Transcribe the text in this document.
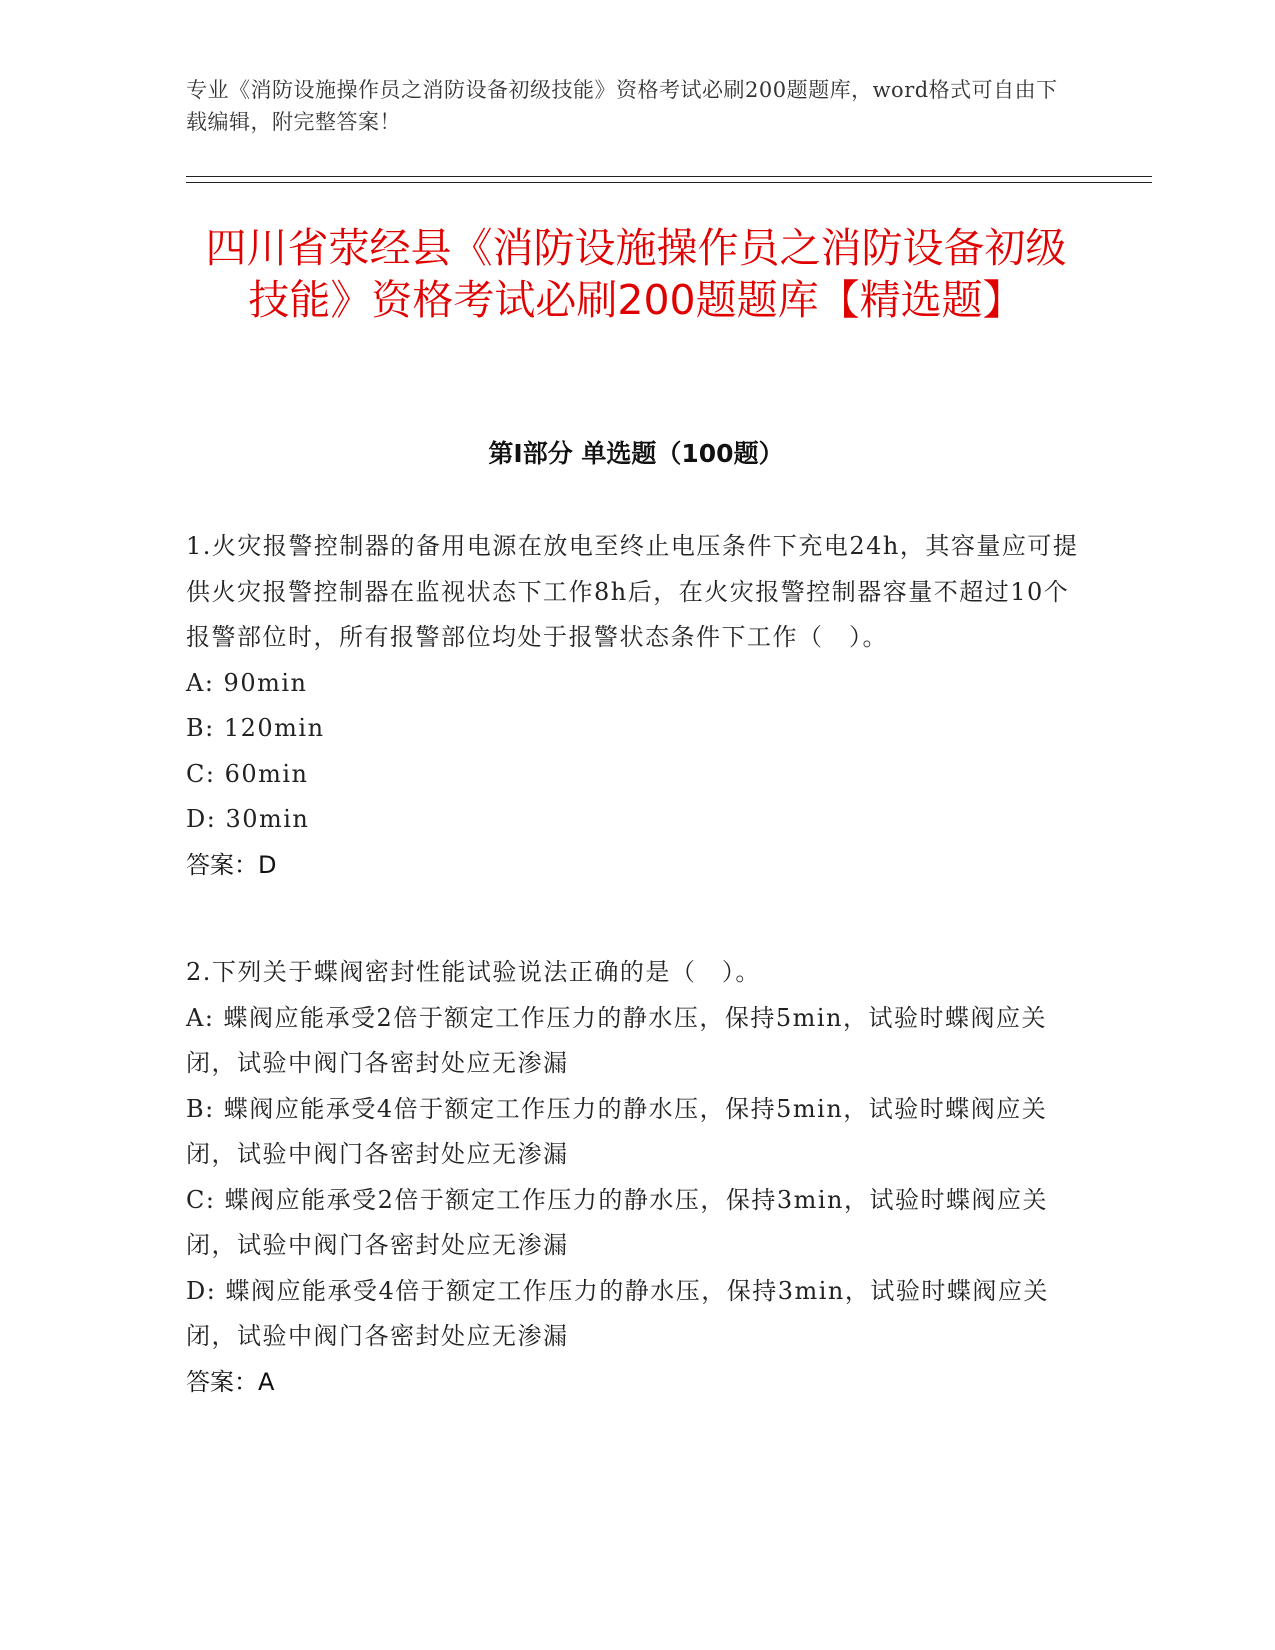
专业《消防设施操作员之消防设备初级技能》资格考试必刷200题题库，word格式可自由下载编辑，附完整答案！
四川省荥经县《消防设施操作员之消防设备初级技能》资格考试必刷200题题库【精选题】
第I部分 单选题（100题）

1.火灾报警控制器的备用电源在放电至终止电压条件下充电24h，其容量应可提供火灾报警控制器在监视状态下工作8h后，在火灾报警控制器容量不超过10个报警部位时，所有报警部位均处于报警状态条件下工作（　）。

A: 90min

B: 120min

C: 60min

D: 30min

答案：D

2.下列关于蝶阀密封性能试验说法正确的是（　）。

A: 蝶阀应能承受2倍于额定工作压力的静水压，保持5min，试验时蝶阀应关闭，试验中阀门各密封处应无渗漏

B: 蝶阀应能承受4倍于额定工作压力的静水压，保持5min，试验时蝶阀应关闭，试验中阀门各密封处应无渗漏

C: 蝶阀应能承受2倍于额定工作压力的静水压，保持3min，试验时蝶阀应关闭，试验中阀门各密封处应无渗漏

D: 蝶阀应能承受4倍于额定工作压力的静水压，保持3min，试验时蝶阀应关闭，试验中阀门各密封处应无渗漏

答案：A
